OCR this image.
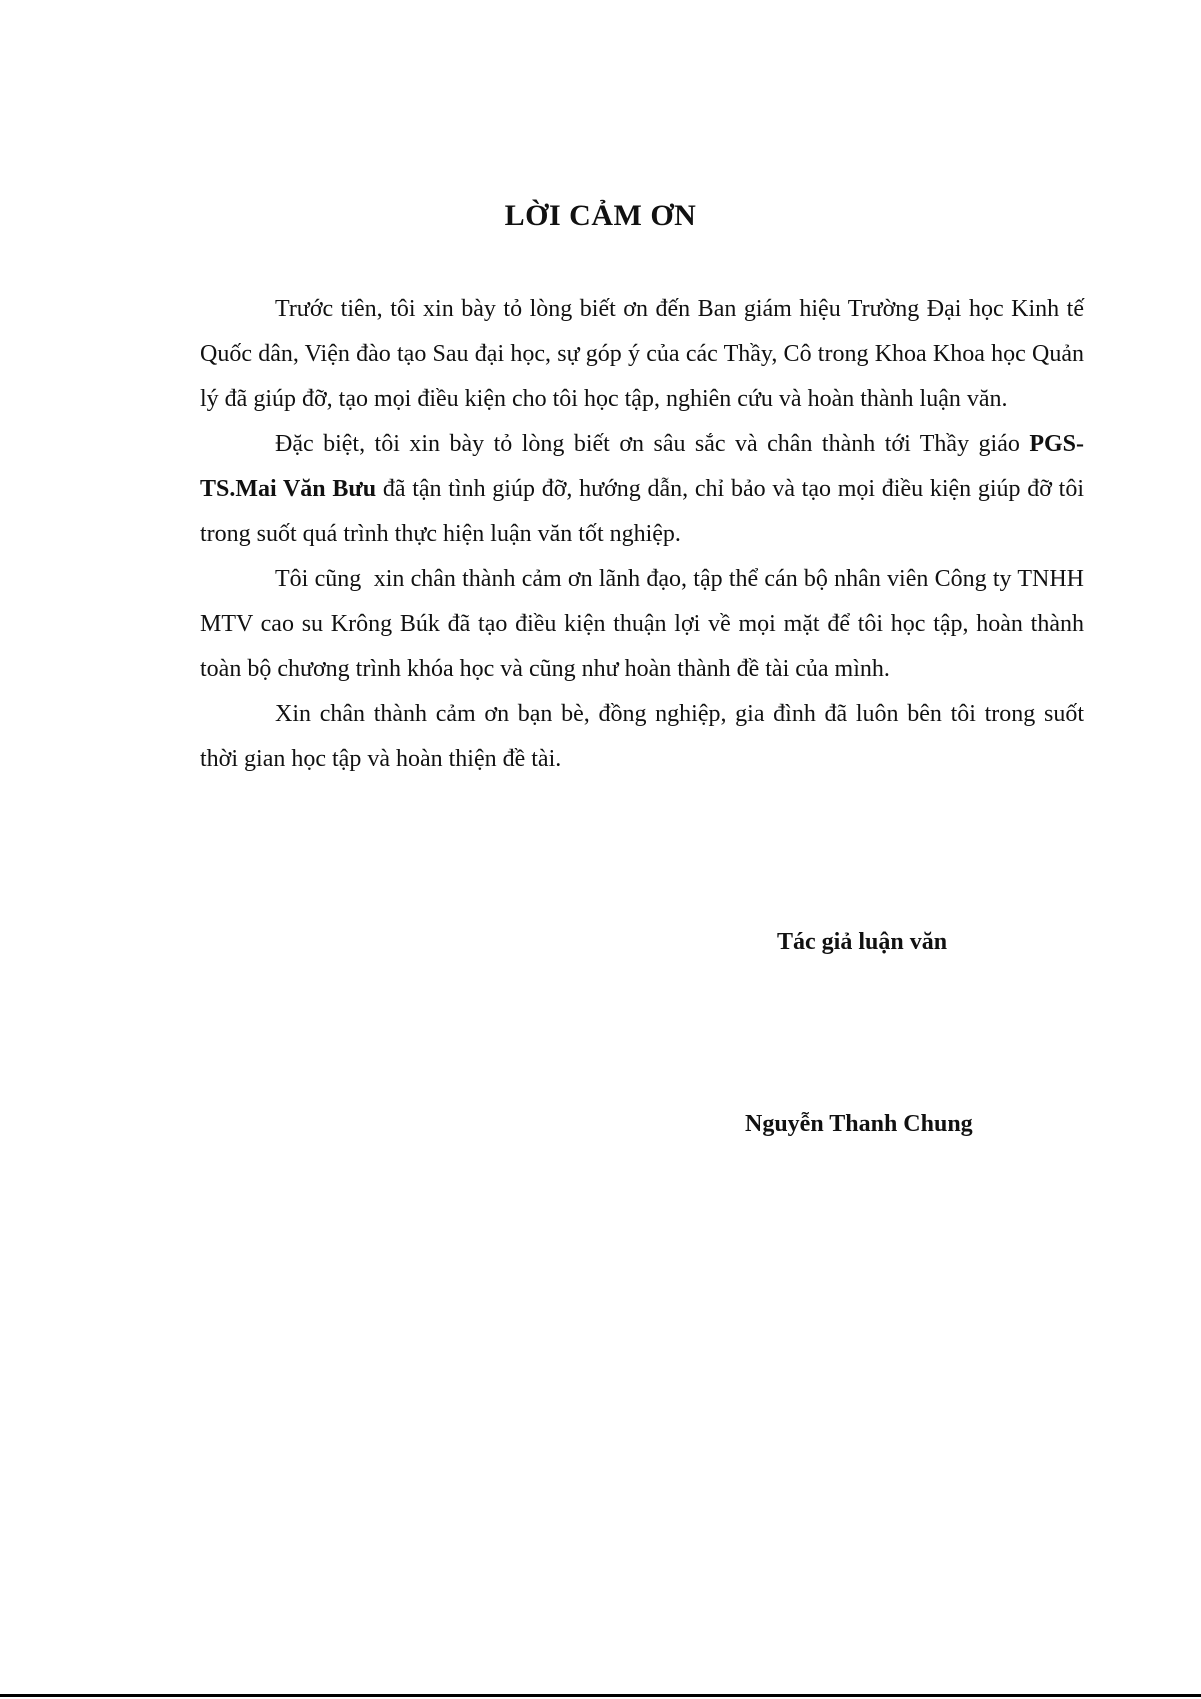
LỜI CẢM ƠN

Trước tiên, tôi xin bày tỏ lòng biết ơn đến Ban giám hiệu Trường Đại học Kinh tế Quốc dân, Viện đào tạo Sau đại học, sự góp ý của các Thầy, Cô trong Khoa Khoa học Quản lý đã giúp đỡ, tạo mọi điều kiện cho tôi học tập, nghiên cứu và hoàn thành luận văn.

Đặc biệt, tôi xin bày tỏ lòng biết ơn sâu sắc và chân thành tới Thầy giáo PGS-TS.Mai Văn Bưu đã tận tình giúp đỡ, hướng dẫn, chỉ bảo và tạo mọi điều kiện giúp đỡ tôi trong suốt quá trình thực hiện luận văn tốt nghiệp.

Tôi cũng  xin chân thành cảm ơn lãnh đạo, tập thể cán bộ nhân viên Công ty TNHH MTV cao su Krông Búk đã tạo điều kiện thuận lợi về mọi mặt để tôi học tập, hoàn thành toàn bộ chương trình khóa học và cũng như hoàn thành đề tài của mình.

Xin chân thành cảm ơn bạn bè, đồng nghiệp, gia đình đã luôn bên tôi trong suốt thời gian học tập và hoàn thiện đề tài.

Tác giả luận văn

Nguyễn Thanh Chung
